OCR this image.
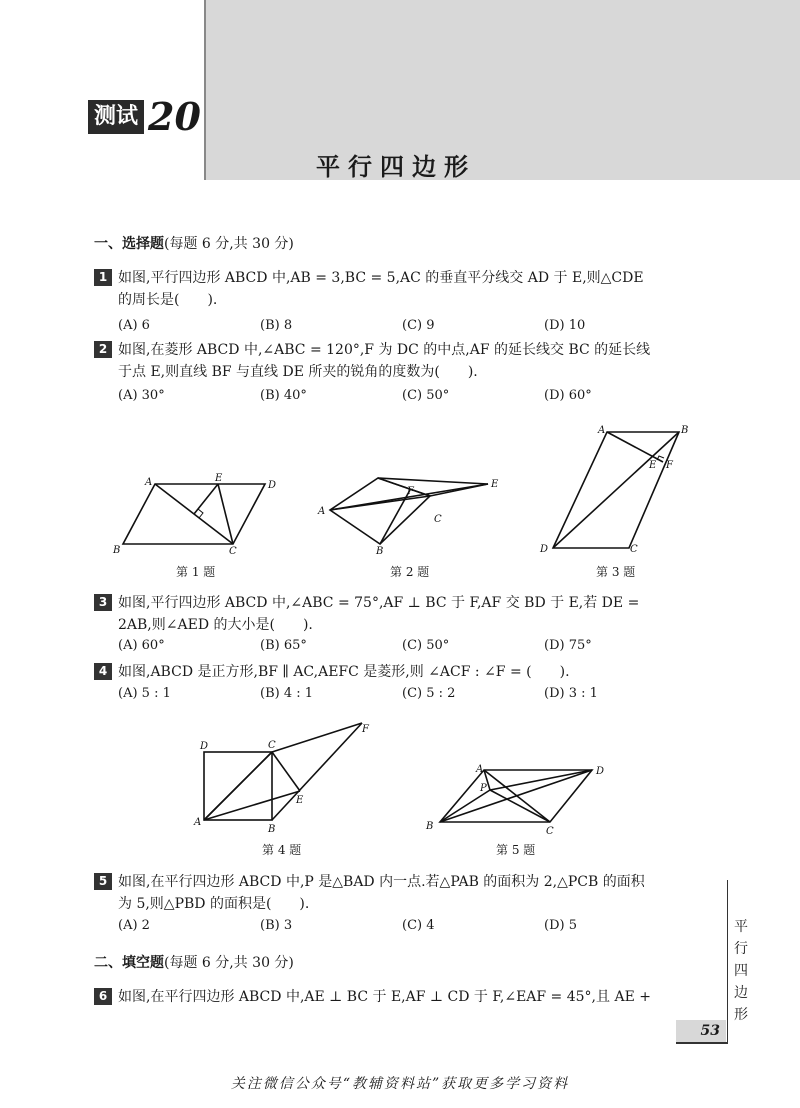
测试 20
平行四边形
一、选择题(每题 6 分,共 30 分)
1 如图,平行四边形 ABCD 中,AB = 3,BC = 5,AC 的垂直平分线交 AD 于 E,则△CDE
的周长是(　　).
(A) 6	(B) 8	(C) 9	(D) 10
2 如图,在菱形 ABCD 中,∠ABC = 120°,F 为 DC 的中点,AF 的延长线交 BC 的延长线
于点 E,则直线 BF 与直线 DE 所夹的锐角的度数为(　　).
(A) 30°	(B) 40°	(C) 50°	(D) 60°
A	E
D
B	C
第 1 题
E
F
A
C
B
第 2 题
A	B
E F
D	C
第 3 题
3 如图,平行四边形 ABCD 中,∠ABC = 75°,AF ⊥ BC 于 F,AF 交 BD 于 E,若 DE =
2AB,则∠AED 的大小是(　　).
(A) 60°	(B) 65°	(C) 50°	(D) 75°
4 如图,ABCD 是正方形,BF ∥ AC,AEFC 是菱形,则 ∠ACF : ∠F = (　　).
(A) 5 : 1	(B) 4 : 1	(C) 5 : 2	(D) 3 : 1
D	C
F
E
A
B
第 4 题
A	D
P
B	C
第 5 题
5 如图,在平行四边形 ABCD 中,P 是△BAD 内一点.若△PAB 的面积为 2,△PCB 的面积
为 5,则△PBD 的面积是(　　).
(A) 2	(B) 3	(C) 4	(D) 5
二、填空题(每题 6 分,共 30 分)
6 如图,在平行四边形 ABCD 中,AE ⊥ BC 于 E,AF ⊥ CD 于 F,∠EAF = 45°,且 AE +
平行四边形
53
关注微信公众号“教辅资料站”获取更多学习资料
